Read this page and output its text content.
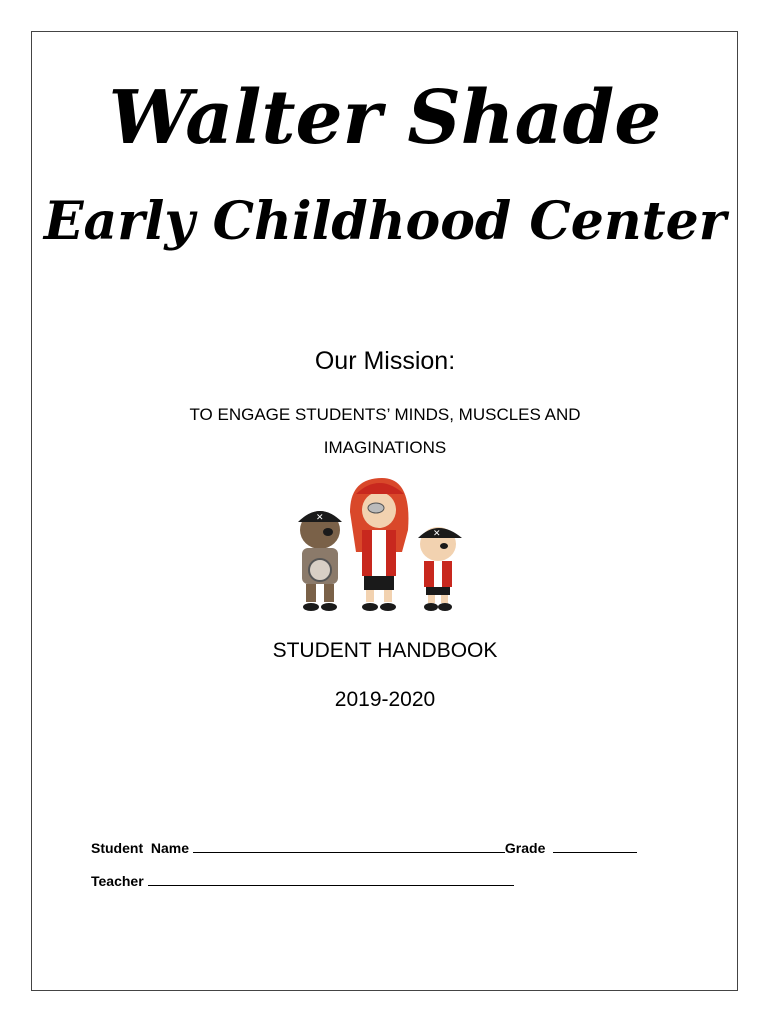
Walter Shade
Early Childhood Center
Our Mission:
TO ENGAGE STUDENTS’ MINDS, MUSCLES AND IMAGINATIONS
✕
✕
STUDENT HANDBOOK
2019-2020
Student  Name	Grade
Teacher
